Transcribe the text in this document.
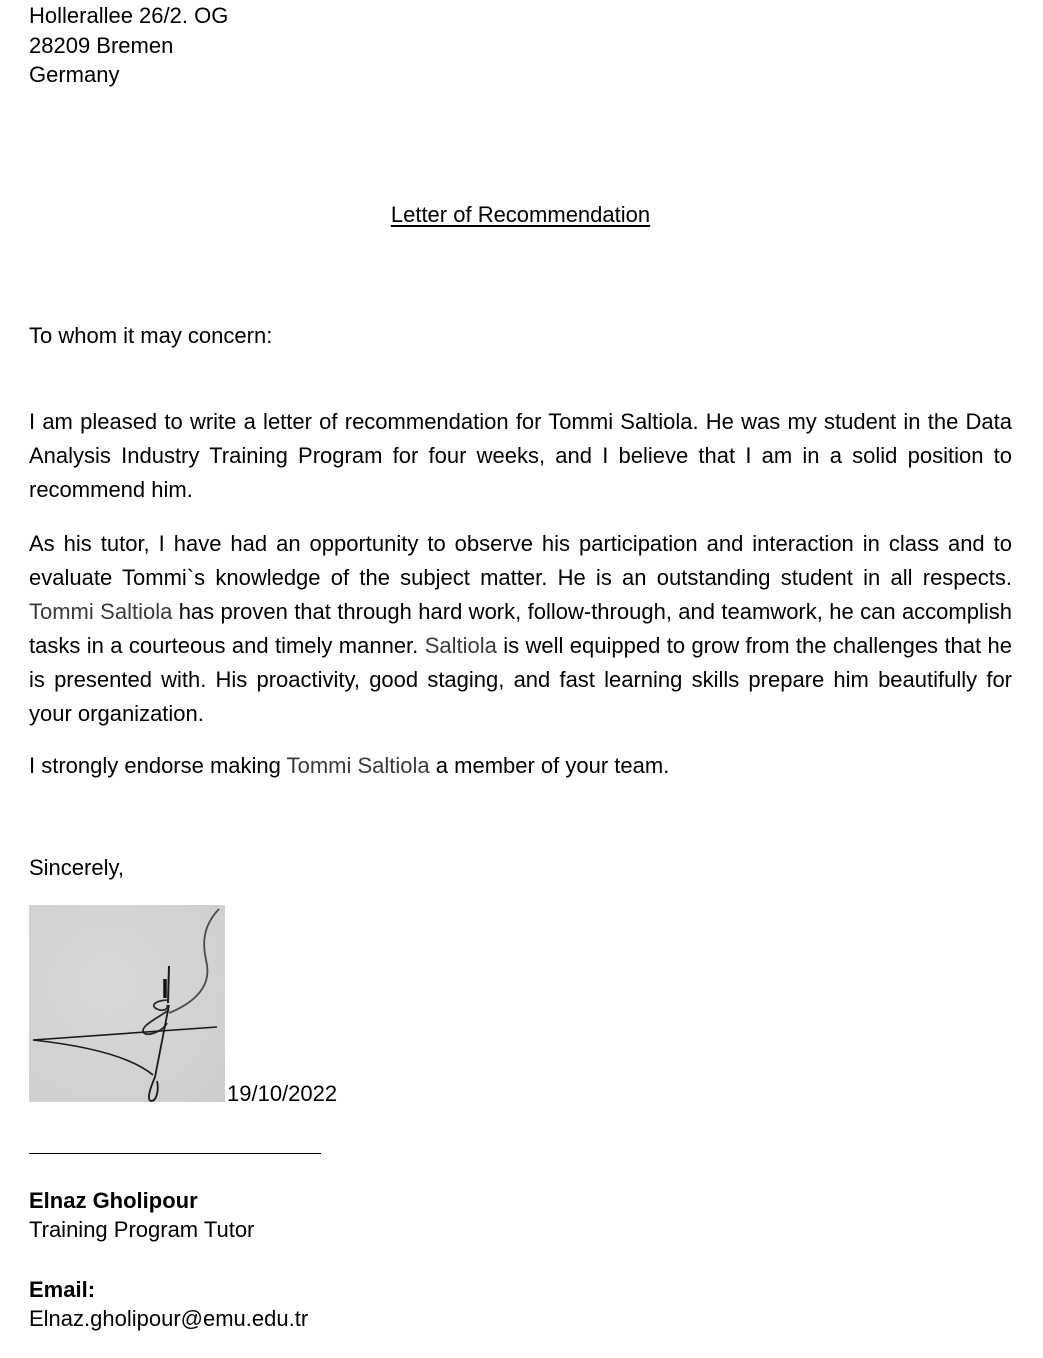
Hollerallee 26/2. OG
28209 Bremen
Germany
Letter of Recommendation
To whom it may concern:

I am pleased to write a letter of recommendation for Tommi Saltiola. He was my student in the Data Analysis Industry Training Program for four weeks, and I believe that I am in a solid position to recommend him.

As his tutor, I have had an opportunity to observe his participation and interaction in class and to evaluate Tommi`s knowledge of the subject matter. He is an outstanding student in all respects. Tommi Saltiola has proven that through hard work, follow-through, and teamwork, he can accomplish tasks in a courteous and timely manner. Saltiola is well equipped to grow from the challenges that he is presented with. His proactivity, good staging, and fast learning skills prepare him beautifully for your organization.

I strongly endorse making Tommi Saltiola a member of your team.

Sincerely,
19/10/2022
Elnaz Gholipour
Training Program Tutor
Email:
Elnaz.gholipour@emu.edu.tr
